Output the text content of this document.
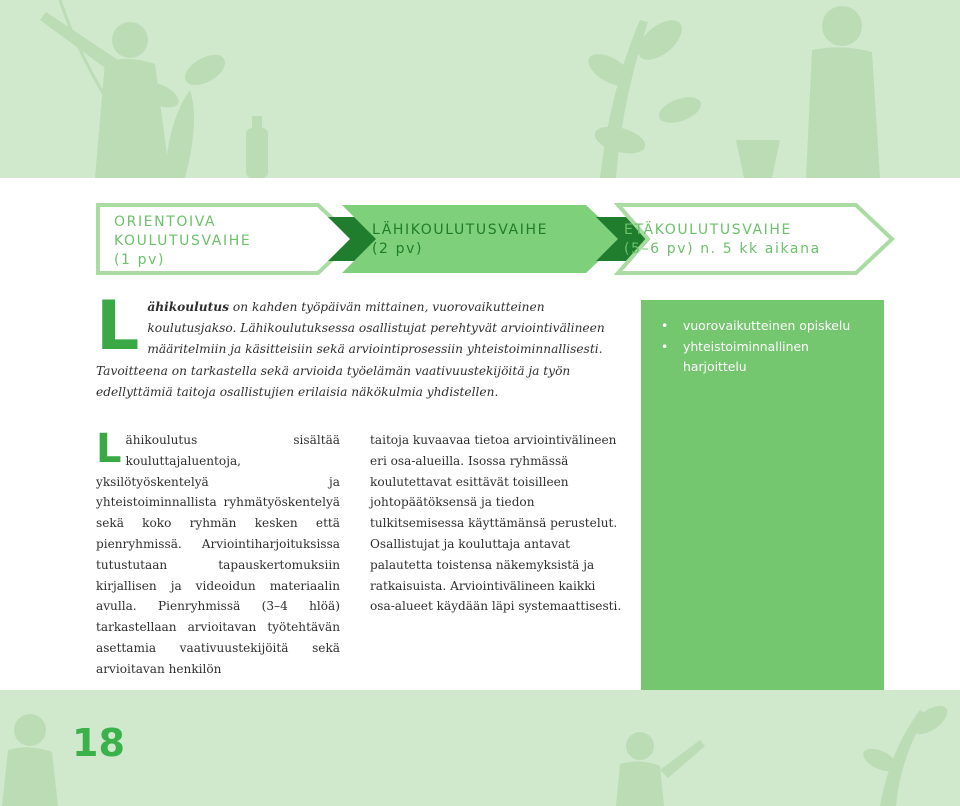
ORIENTOIVA
KOULUTUSVAIHE
(1 pv)
LÄHIKOULUTUSVAIHE
(2 pv)
ETÄKOULUTUSVAIHE
(5–6 pv) n. 5 kk aikana
Lähikoulutus on kahden työpäivän mittainen, vuorovaikutteinen koulutusjakso. Lähikoulutuksessa osallistujat perehtyvät arviointivälineen määritelmiin ja käsitteisiin sekä arviointiprosessiin yhteistoiminnallisesti. Tavoitteena on tarkastella sekä arvioida työelämän vaativuustekijöitä ja työn edellyttämiä taitoja osallistujien erilaisia näkökulmia yhdistellen.
Lähikoulutus sisältää kouluttajaluentoja, yksilötyöskentelyä ja yhteistoiminnallista ryhmätyöskentelyä sekä koko ryhmän kesken että pienryhmissä. Arviointiharjoituksissa tutustutaan tapauskertomuksiin kirjallisen ja videoidun materiaalin avulla. Pienryhmissä (3–4 hlöä) tarkastellaan arvioitavan työtehtävän asettamia vaativuustekijöitä sekä arvioitavan henkilön
taitoja kuvaavaa tietoa arviointivälineen eri osa-alueilla. Isossa ryhmässä koulutettavat esittävät toisilleen johtopäätöksensä ja tiedon tulkitsemisessa käyttämänsä perustelut. Osallistujat ja kouluttaja antavat palautetta toistensa näkemyksistä ja ratkaisuista. Arviointivälineen kaikki osa-alueet käydään läpi systemaattisesti.
• vuorovaikutteinen opiskelu
• yhteistoiminnallinen harjoittelu
18
